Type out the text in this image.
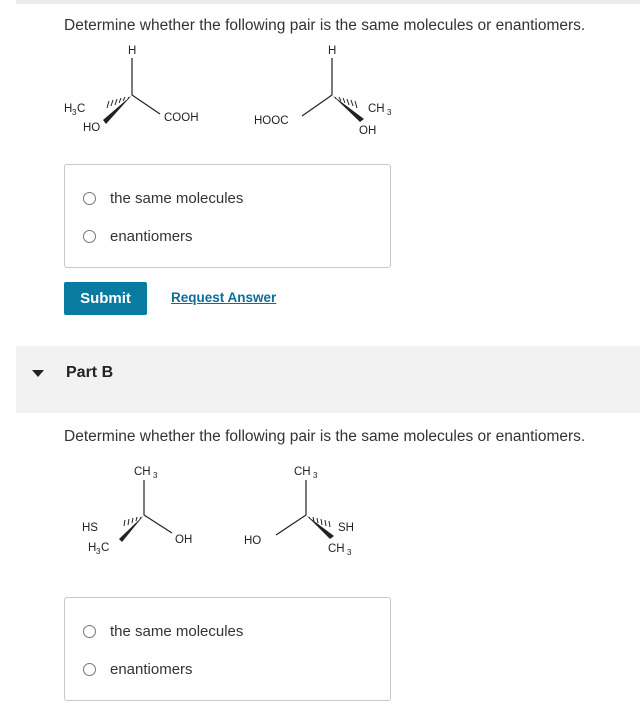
Determine whether the following pair is the same molecules or enantiomers.

H
H 3 C
HO
COOH
H
HOOC
CH 3
OH
the same molecules
enantiomers
Submit	Request Answer
Part B

Determine whether the following pair is the same molecules or enantiomers.

CH 3
HS
H 3 C
OH
CH 3
HO
SH
CH 3
the same molecules
enantiomers
